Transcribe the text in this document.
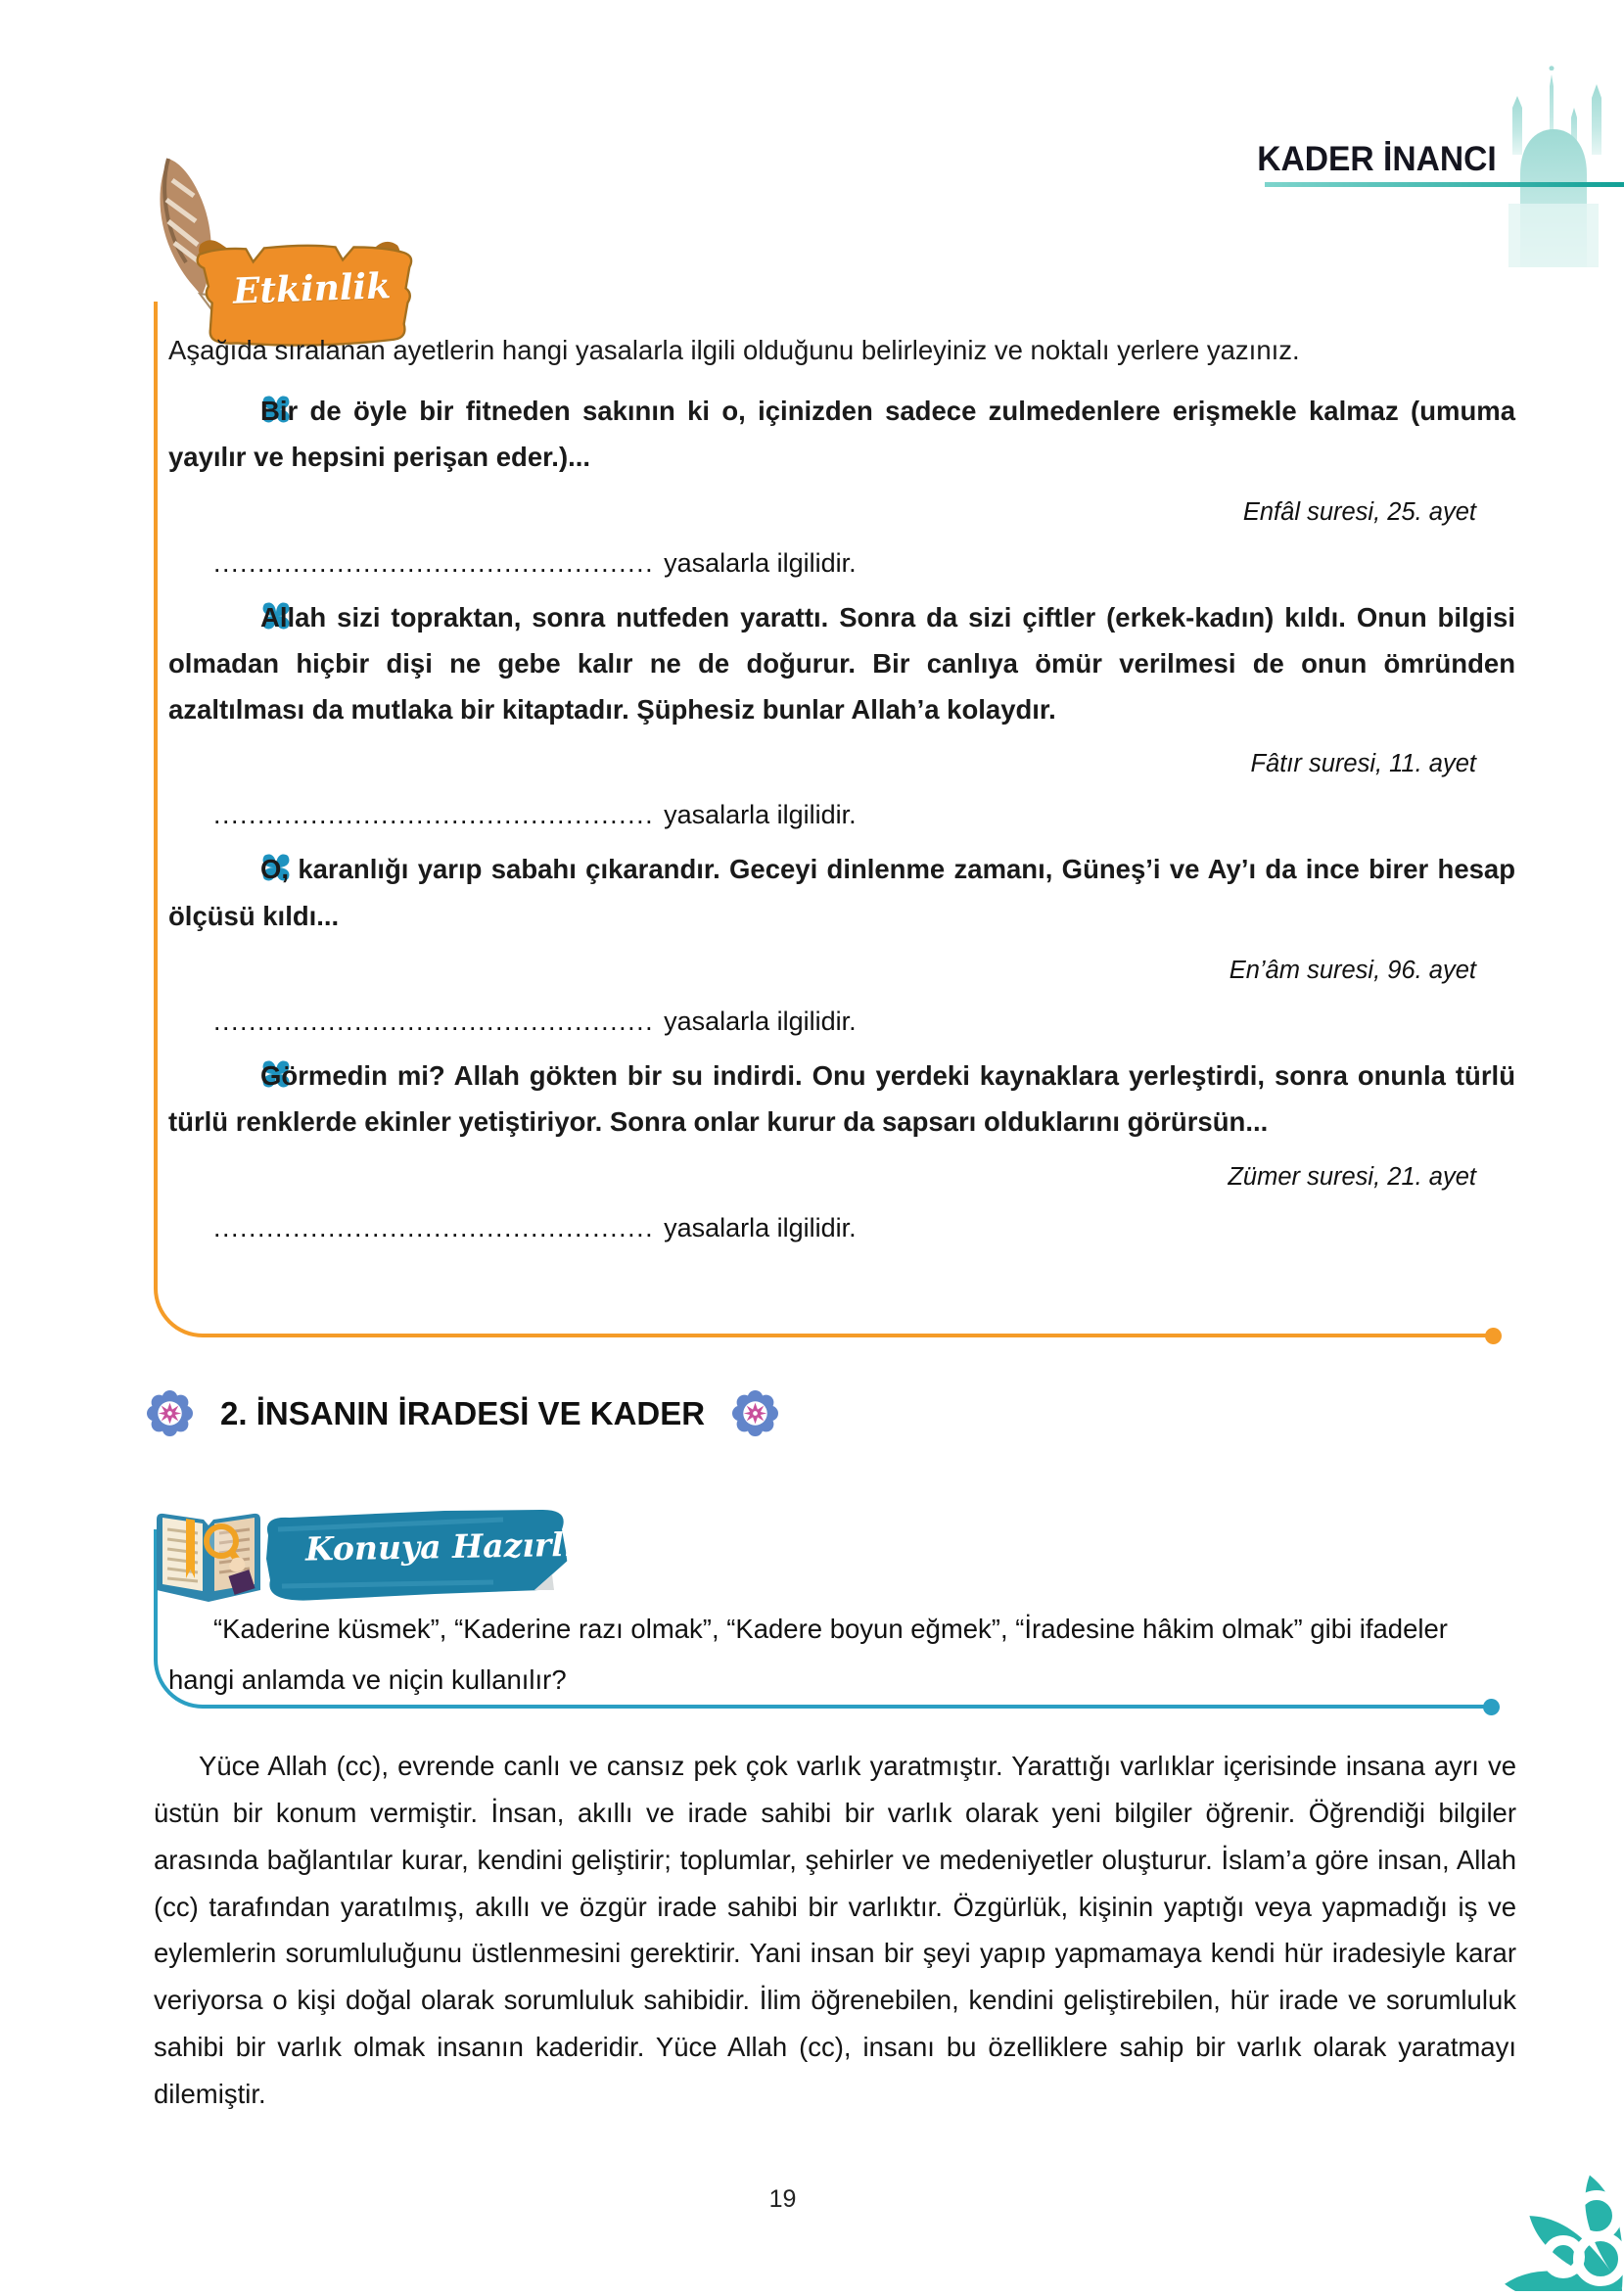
KADER İNANCI
Etkinlik

Aşağıda sıralanan ayetlerin hangi yasalarla ilgili olduğunu belirleyiniz ve noktalı yerlere yazınız.

Bir de öyle bir fitneden sakının ki o, içinizden sadece zulmedenlere erişmekle kalmaz (umuma yayılır ve hepsini perişan eder.)...

Enfâl suresi, 25. ayet

.................................................. yasalarla ilgilidir.

Allah sizi topraktan, sonra nutfeden yarattı. Sonra da sizi çiftler (erkek-kadın) kıldı. Onun bilgisi olmadan hiçbir dişi ne gebe kalır ne de doğurur. Bir canlıya ömür verilmesi de onun ömründen azaltılması da mutlaka bir kitaptadır. Şüphesiz bunlar Allah’a kolaydır.

Fâtır suresi, 11. ayet

.................................................. yasalarla ilgilidir.

O, karanlığı yarıp sabahı çıkarandır. Geceyi dinlenme zamanı, Güneş’i ve Ay’ı da ince birer hesap ölçüsü kıldı...

En’âm suresi, 96. ayet

.................................................. yasalarla ilgilidir.

Görmedin mi? Allah gökten bir su indirdi. Onu yerdeki kaynaklara yerleştirdi, sonra onunla türlü türlü renklerde ekinler yetiştiriyor. Sonra onlar kurur da sapsarı olduklarını görürsün...

Zümer suresi, 21. ayet

.................................................. yasalarla ilgilidir.

2. İNSANIN İRADESİ VE KADER
Konuya Hazırlık

“Kaderine küsmek”, “Kaderine razı olmak”, “Kadere boyun eğmek”, “İradesine hâkim olmak” gibi ifadeler hangi anlamda ve niçin kullanılır?

Yüce Allah (cc), evrende canlı ve cansız pek çok varlık yaratmıştır. Yarattığı varlıklar içerisinde insana ayrı ve üstün bir konum vermiştir. İnsan, akıllı ve irade sahibi bir varlık olarak yeni bilgiler öğrenir. Öğrendiği bilgiler arasında bağlantılar kurar, kendini geliştirir; toplumlar, şehirler ve medeniyetler oluşturur. İslam’a göre insan, Allah (cc) tarafından yaratılmış, akıllı ve özgür irade sahibi bir varlıktır. Özgürlük, kişinin yaptığı veya yapmadığı iş ve eylemlerin sorumluluğunu üstlenmesini gerektirir. Yani insan bir şeyi yapıp yapmamaya kendi hür iradesiyle karar veriyorsa o kişi doğal olarak sorumluluk sahibidir. İlim öğrenebilen, kendini geliştirebilen, hür irade ve sorumluluk sahibi bir varlık olmak insanın kaderidir. Yüce Allah (cc), insanı bu özelliklere sahip bir varlık olarak yaratmayı dilemiştir.

19
